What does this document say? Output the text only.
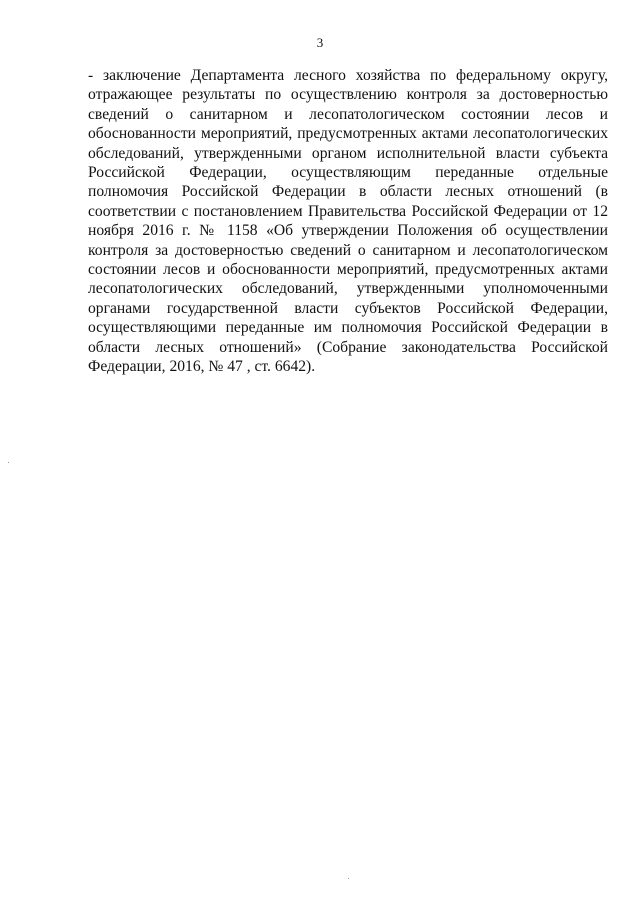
3

- заключение Департамента лесного хозяйства по федеральному округу, отражающее результаты по осуществлению контроля за достоверностью сведений о санитарном и лесопатологическом состоянии лесов и обоснованности мероприятий, предусмотренных актами лесопатологических обследований, утвержденными органом исполнительной власти субъекта Российской Федерации, осуществляющим переданные отдельные полномочия Российской Федерации в области лесных отношений (в соответствии с постановлением Правительства Российской Федерации от 12 ноября 2016 г. № 1158 «Об утверждении Положения об осуществлении контроля за достоверностью сведений о санитарном и лесопатологическом состоянии лесов и обоснованности мероприятий, предусмотренных актами лесопатологических обследований, утвержденными уполномоченными органами государственной власти субъектов Российской Федерации, осуществляющими переданные им полномочия Российской Федерации в области лесных отношений» (Собрание законодательства Российской Федерации, 2016, № 47 , ст. 6642).
